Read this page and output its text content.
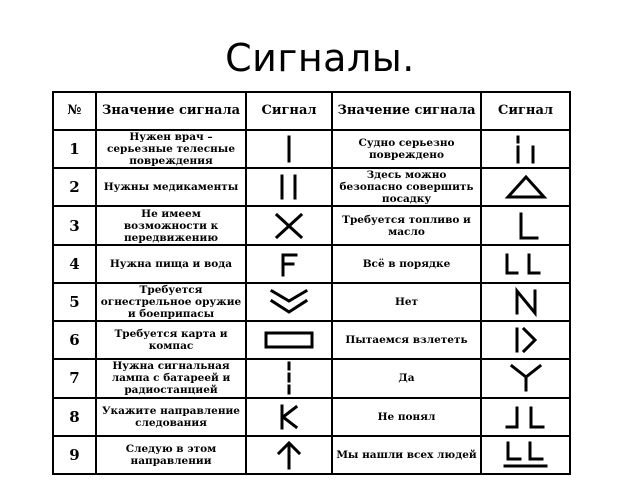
Сигналы.
№	Значение сигнала	Сигнал	Значение сигнала	Сигнал
1	Нужен врач – серьезные телесные повреждения		Судно серьезно повреждено	

2	Нужны медикаменты		Здесь можно безопасно совершить посадку	

3	Не имеем возможности к передвижению		Требуется топливо и масло	

4	Нужна пища и вода		Всё в порядке	

5	Требуется огнестрельное оружие и боеприпасы		Нет	

6	Требуется карта и компас		Пытаемся взлететь	

7	Нужна сигнальная лампа с батареей и радиостанцией		Да	

8	Укажите направление следования		Не понял	

9	Следую в этом направлении		Мы нашли всех людей	
